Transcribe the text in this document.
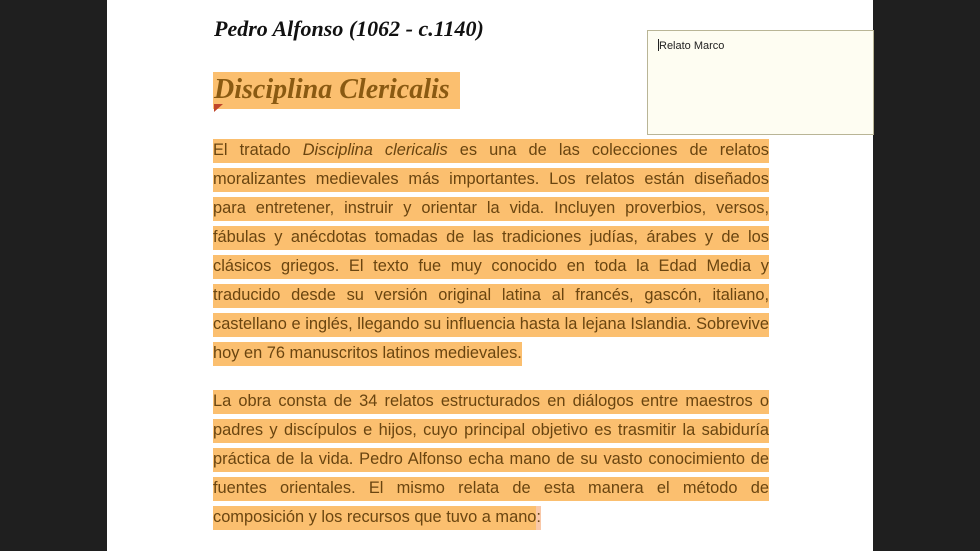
Pedro Alfonso (1062 - c.1140)
Disciplina Clericalis

El tratado Disciplina clericalis es una de las colecciones de relatos moralizantes medievales más importantes. Los relatos están diseñados para entretener, instruir y orientar la vida. Incluyen proverbios, versos, fábulas y anécdotas tomadas de las tradiciones judías, árabes y de los clásicos griegos. El texto fue muy conocido en toda la Edad Media y traducido desde su versión original latina al francés, gascón, italiano, castellano e inglés, llegando su influencia hasta la lejana Islandia. Sobrevive hoy en 76 manuscritos latinos medievales.

La obra consta de 34 relatos estructurados en diálogos entre maestros o padres y discípulos e hijos, cuyo principal objetivo es trasmitir la sabiduría práctica de la vida. Pedro Alfonso echa mano de su vasto conocimiento de fuentes orientales. El mismo relata de esta manera el método de composición y los recursos que tuvo a mano:

Relato Marco
